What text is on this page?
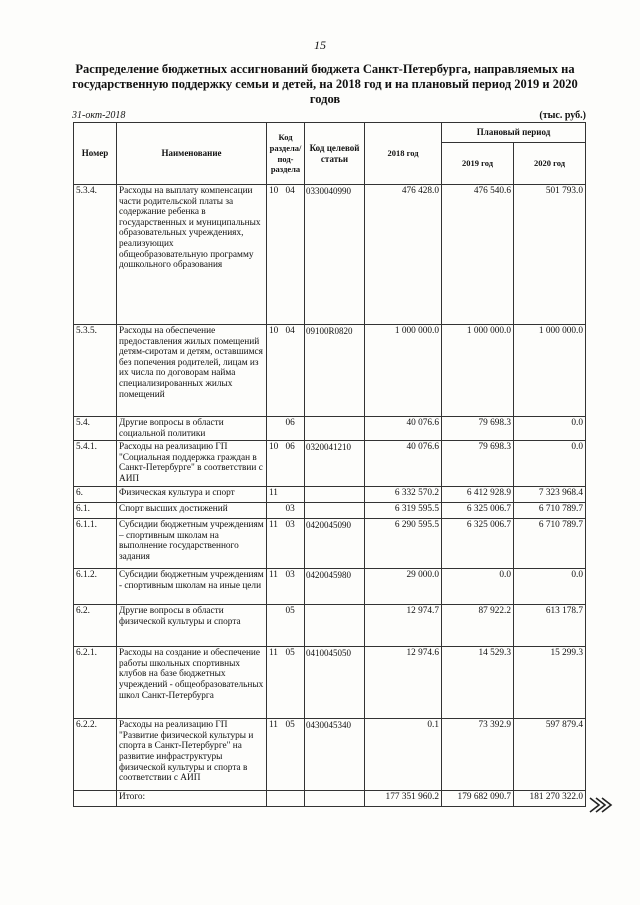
15
Распределение бюджетных ассигнований бюджета Санкт-Петербурга, направляемых на государственную поддержку семьи и детей, на 2018 год и на плановый период 2019 и 2020 годов
31-окт-2018	(тыс. руб.)
Номер	Наименование	Код раздела/ под-раздела		Код целевой статьи	2018 год	Плановый период	
						2019 год	2020 год
5.3.4.	Расходы на выплату компенсации части родительской платы за содержание ребенка в государственных и муниципальных образовательных учреждениях, реализующих общеобразовательную программу дошкольного образования	10	04	0330040990	476 428.0	476 540.6	501 793.0
5.3.5.	Расходы на обеспечение предоставления жилых помещений детям-сиротам и детям, оставшимся без попечения родителей, лицам из их числа по договорам найма специализированных жилых помещений	10	04	09100R0820	1 000 000.0	1 000 000.0	1 000 000.0
5.4.	Другие вопросы в области социальной политики		06		40 076.6	79 698.3	0.0
5.4.1.	Расходы на реализацию ГП "Социальная поддержка граждан в Санкт-Петербурге" в соответствии с АИП	10	06	0320041210	40 076.6	79 698.3	0.0
6.	Физическая культура и спорт	11			6 332 570.2	6 412 928.9	7 323 968.4
6.1.	Спорт высших достижений		03		6 319 595.5	6 325 006.7	6 710 789.7
6.1.1.	Субсидии бюджетным учреждениям – спортивным школам на выполнение государственного задания	11	03	0420045090	6 290 595.5	6 325 006.7	6 710 789.7
6.1.2.	Субсидии бюджетным учреждениям - спортивным школам на иные цели	11	03	0420045980	29 000.0	0.0	0.0
6.2.	Другие вопросы в области физической культуры и спорта		05		12 974.7	87 922.2	613 178.7
6.2.1.	Расходы на создание и обеспечение работы школьных спортивных клубов на базе бюджетных учреждений - общеобразовательных школ Санкт-Петербурга	11	05	0410045050	12 974.6	14 529.3	15 299.3
6.2.2.	Расходы на реализацию ГП "Развитие физической культуры и спорта в Санкт-Петербурге" на развитие инфраструктуры физической культуры и спорта в соответствии с АИП	11	05	0430045340	0.1	73 392.9	597 879.4
	Итого:				177 351 960.2	179 682 090.7	181 270 322.0
